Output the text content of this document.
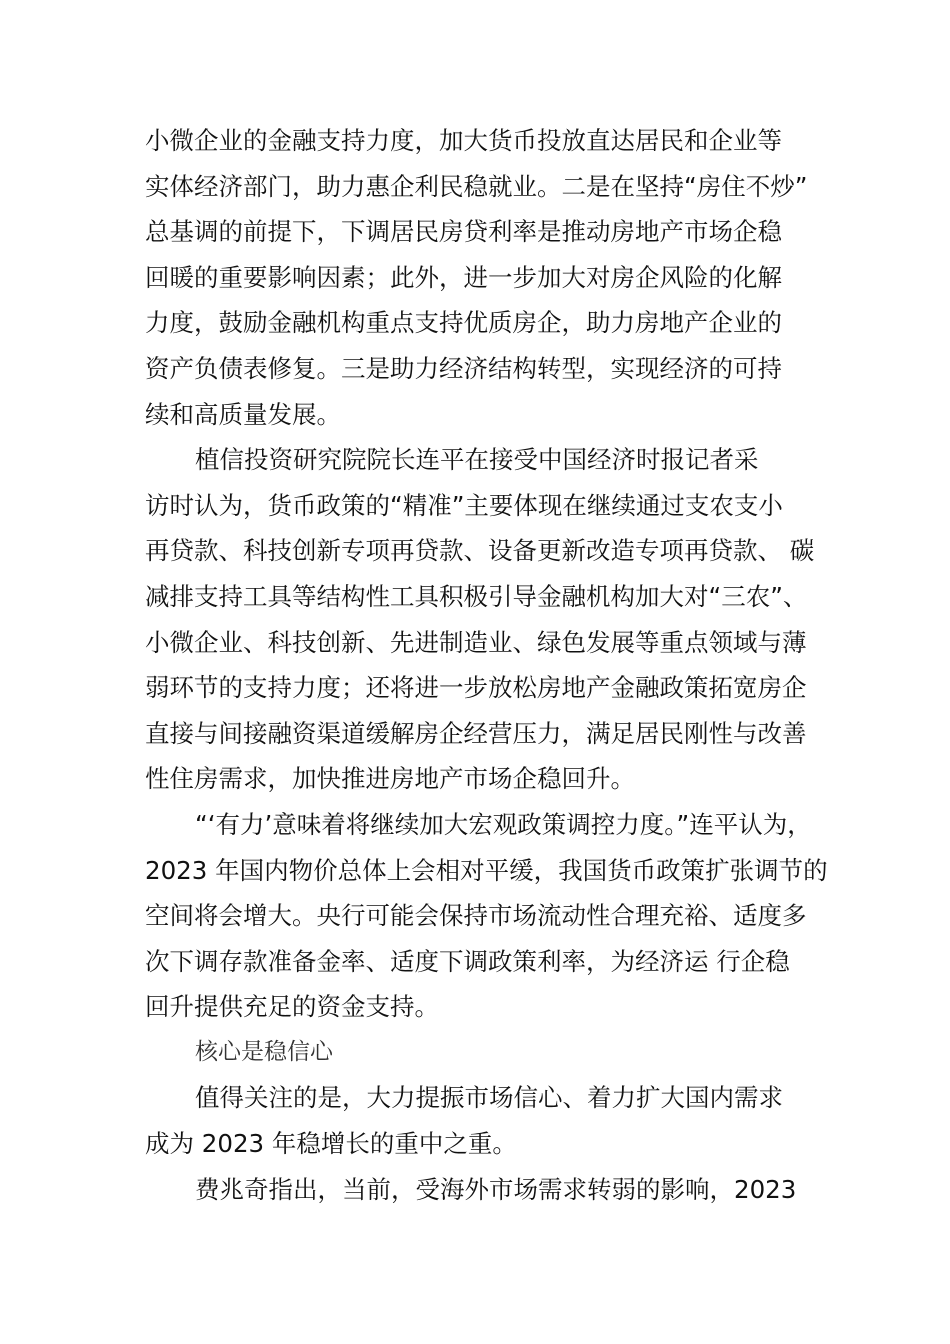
小微企业的金融支持力度，加大货币投放直达居民和企业等
实体经济部门，助力惠企利民稳就业。二是在坚持“房住不炒”
总基调的前提下，下调居民房贷利率是推动房地产市场企稳
回暖的重要影响因素；此外，进一步加大对房企风险的化解
力度，鼓励金融机构重点支持优质房企，助力房地产企业的
资产负债表修复。三是助力经济结构转型，实现经济的可持
续和高质量发展。
植信投资研究院院长连平在接受中国经济时报记者采
访时认为，货币政策的“精准”主要体现在继续通过支农支小
再贷款、科技创新专项再贷款、设备更新改造专项再贷款、 碳
减排支持工具等结构性工具积极引导金融机构加大对“三农”、
小微企业、科技创新、先进制造业、绿色发展等重点领域与薄
弱环节的支持力度；还将进一步放松房地产金融政策拓宽房企
直接与间接融资渠道缓解房企经营压力，满足居民刚性与改善
性住房需求，加快推进房地产市场企稳回升。
“‘有力’意味着将继续加大宏观政策调控力度。”连平认为，
2023 年国内物价总体上会相对平缓，我国货币政策扩张调节的
空间将会增大。央行可能会保持市场流动性合理充裕、适度多
次下调存款准备金率、适度下调政策利率，为经济运 行企稳
回升提供充足的资金支持。
核心是稳信心
值得关注的是，大力提振市场信心、着力扩大国内需求
成为 2023 年稳增长的重中之重。
费兆奇指出，当前，受海外市场需求转弱的影响，2023
